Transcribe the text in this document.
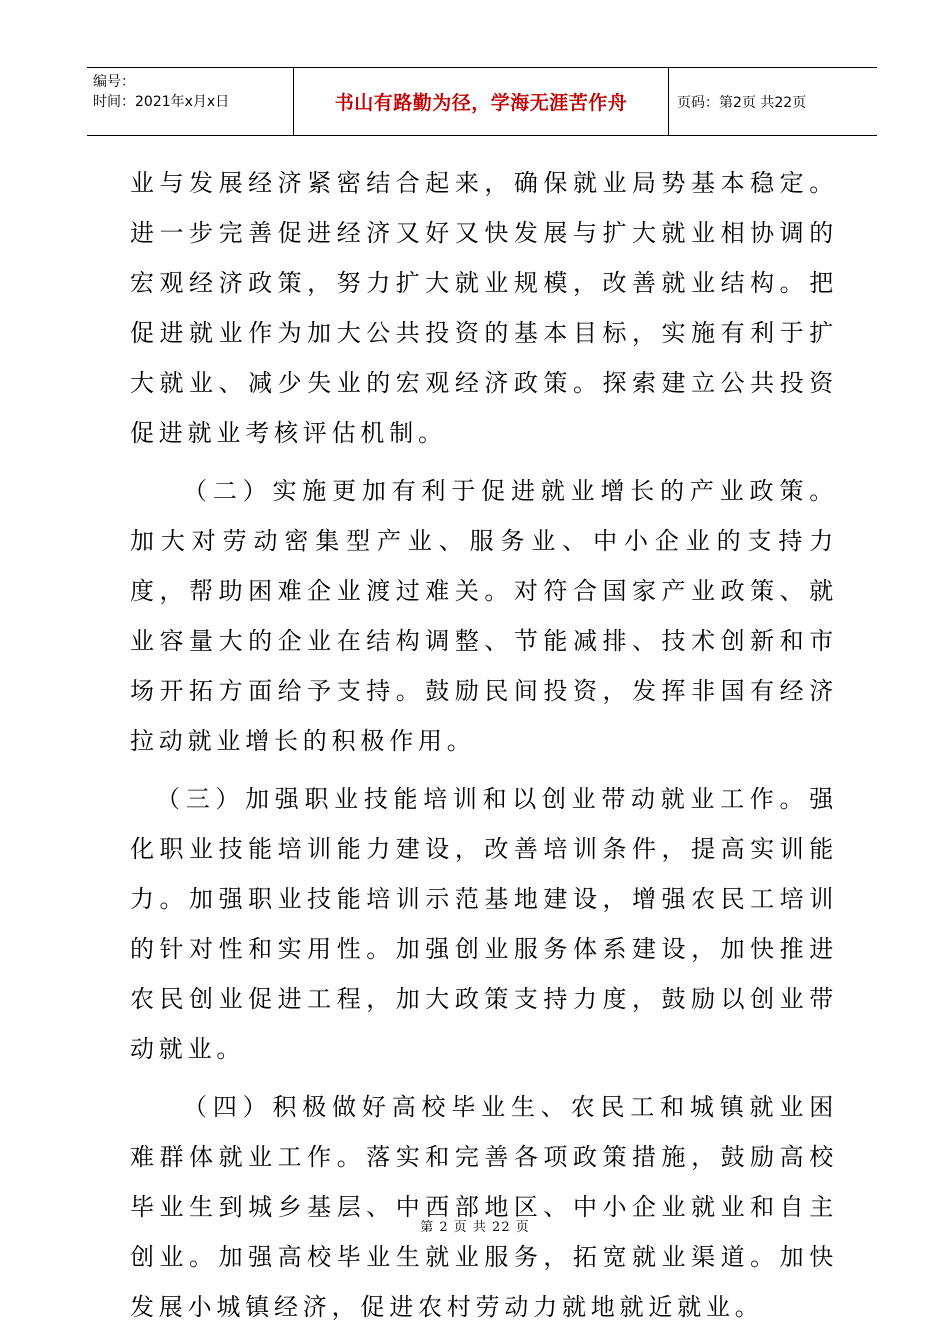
编号：
时间：2021年x月x日	书山有路勤为径，学海无涯苦作舟	页码：第2页 共22页

业与发展经济紧密结合起来，确保就业局势基本稳定。进一步完善促进经济又好又快发展与扩大就业相协调的宏观经济政策，努力扩大就业规模，改善就业结构。把促进就业作为加大公共投资的基本目标，实施有利于扩大就业、减少失业的宏观经济政策。探索建立公共投资促进就业考核评估机制。

（二）实施更加有利于促进就业增长的产业政策。加大对劳动密集型产业、服务业、中小企业的支持力度，帮助困难企业渡过难关。对符合国家产业政策、就业容量大的企业在结构调整、节能减排、技术创新和市场开拓方面给予支持。鼓励民间投资，发挥非国有经济拉动就业增长的积极作用。

（三）加强职业技能培训和以创业带动就业工作。强化职业技能培训能力建设，改善培训条件，提高实训能力。加强职业技能培训示范基地建设，增强农民工培训的针对性和实用性。加强创业服务体系建设，加快推进农民创业促进工程，加大政策支持力度，鼓励以创业带动就业。

（四）积极做好高校毕业生、农民工和城镇就业困难群体就业工作。落实和完善各项政策措施，鼓励高校毕业生到城乡基层、中西部地区、中小企业就业和自主创业。加强高校毕业生就业服务，拓宽就业渠道。加快发展小城镇经济，促进农村劳动力就地就近就业。

第 2 页 共 22 页
